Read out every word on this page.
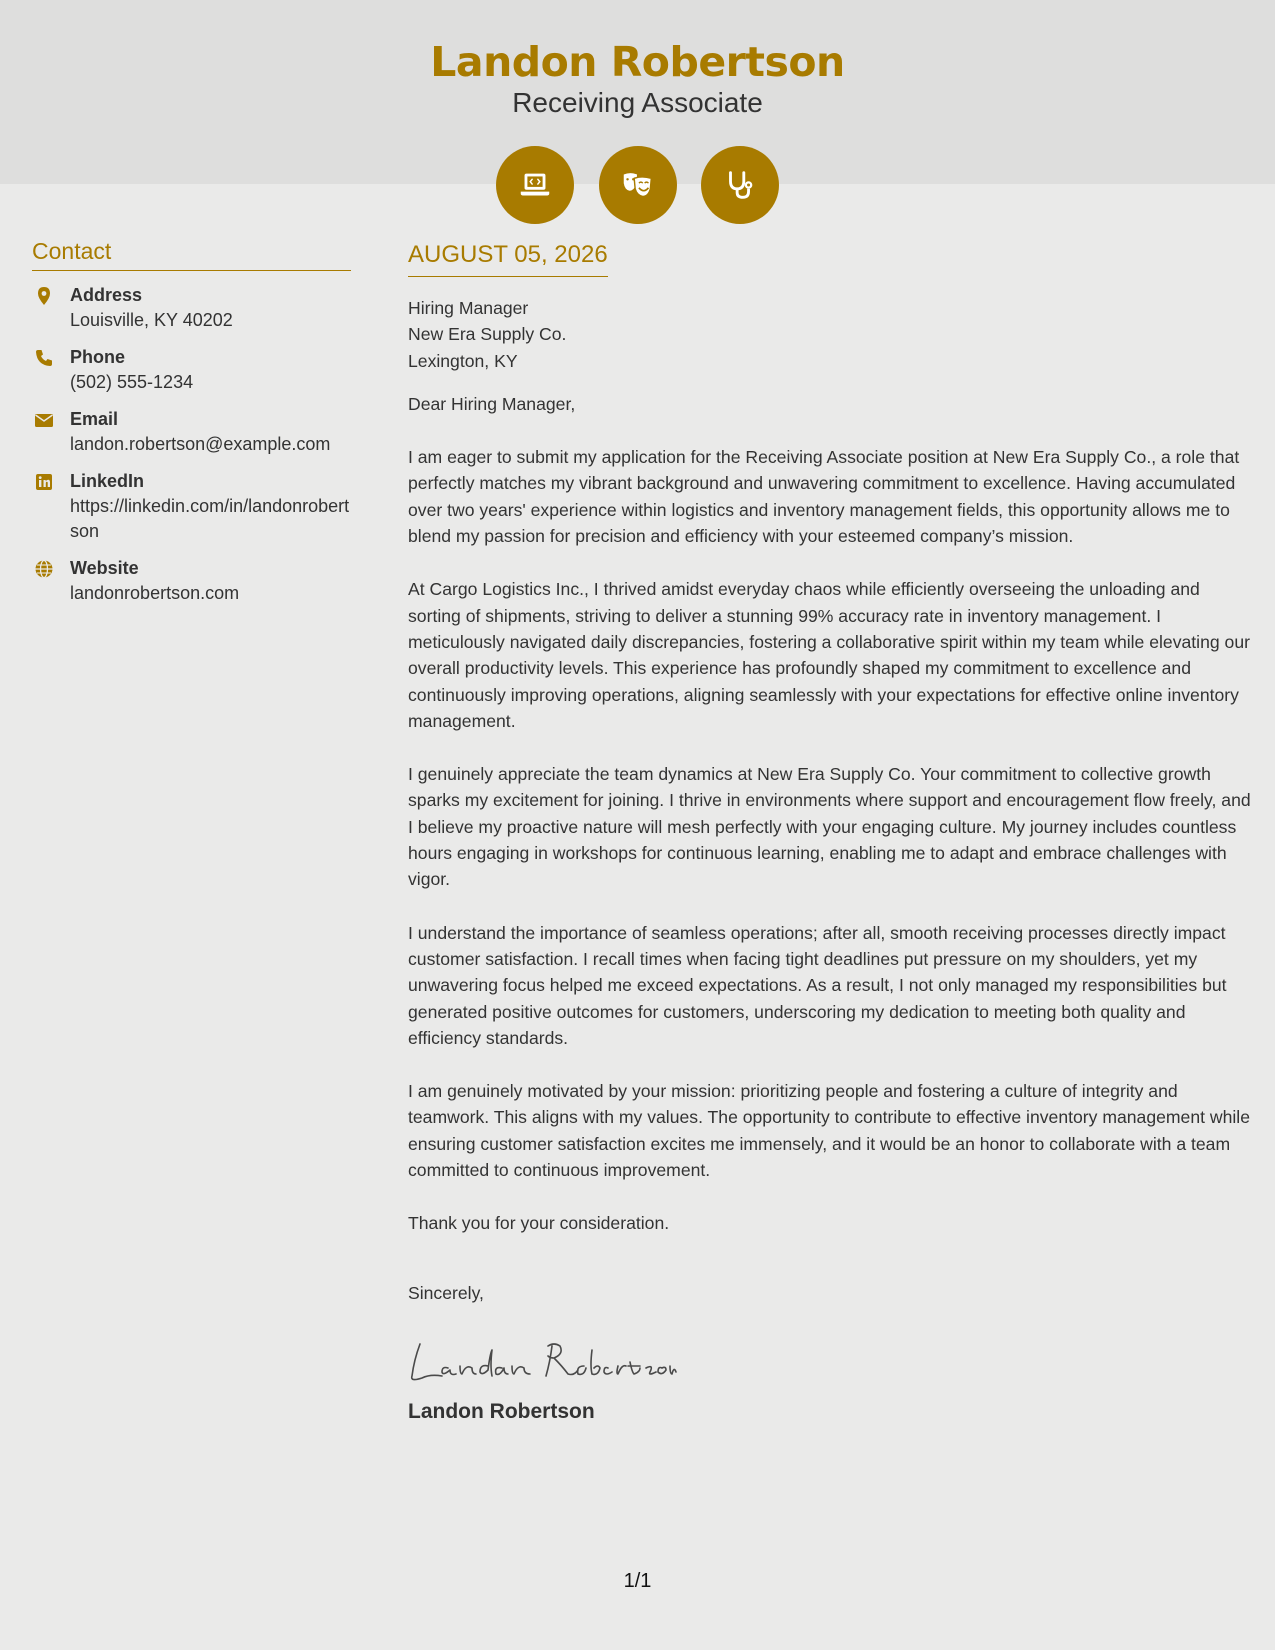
Landon Robertson
Receiving Associate
Contact
Address
Louisville, KY 40202
Phone
(502) 555-1234
Email
landon.robertson@example.com
LinkedIn
https://linkedin.com/in/landonrobertson
Website
landonrobertson.com
AUGUST 05, 2026
Hiring Manager
New Era Supply Co.
Lexington, KY
Dear Hiring Manager,
I am eager to submit my application for the Receiving Associate position at New Era Supply Co., a role that perfectly matches my vibrant background and unwavering commitment to excellence. Having accumulated over two years' experience within logistics and inventory management fields, this opportunity allows me to blend my passion for precision and efficiency with your esteemed company’s mission.
At Cargo Logistics Inc., I thrived amidst everyday chaos while efficiently overseeing the unloading and sorting of shipments, striving to deliver a stunning 99% accuracy rate in inventory management. I meticulously navigated daily discrepancies, fostering a collaborative spirit within my team while elevating our overall productivity levels. This experience has profoundly shaped my commitment to excellence and continuously improving operations, aligning seamlessly with your expectations for effective online inventory management.
I genuinely appreciate the team dynamics at New Era Supply Co. Your commitment to collective growth sparks my excitement for joining. I thrive in environments where support and encouragement flow freely, and I believe my proactive nature will mesh perfectly with your engaging culture. My journey includes countless hours engaging in workshops for continuous learning, enabling me to adapt and embrace challenges with vigor.
I understand the importance of seamless operations; after all, smooth receiving processes directly impact customer satisfaction. I recall times when facing tight deadlines put pressure on my shoulders, yet my unwavering focus helped me exceed expectations. As a result, I not only managed my responsibilities but generated positive outcomes for customers, underscoring my dedication to meeting both quality and efficiency standards.
I am genuinely motivated by your mission: prioritizing people and fostering a culture of integrity and teamwork. This aligns with my values. The opportunity to contribute to effective inventory management while ensuring customer satisfaction excites me immensely, and it would be an honor to collaborate with a team committed to continuous improvement.
Thank you for your consideration.
Sincerely,
Landon Robertson
1/1
